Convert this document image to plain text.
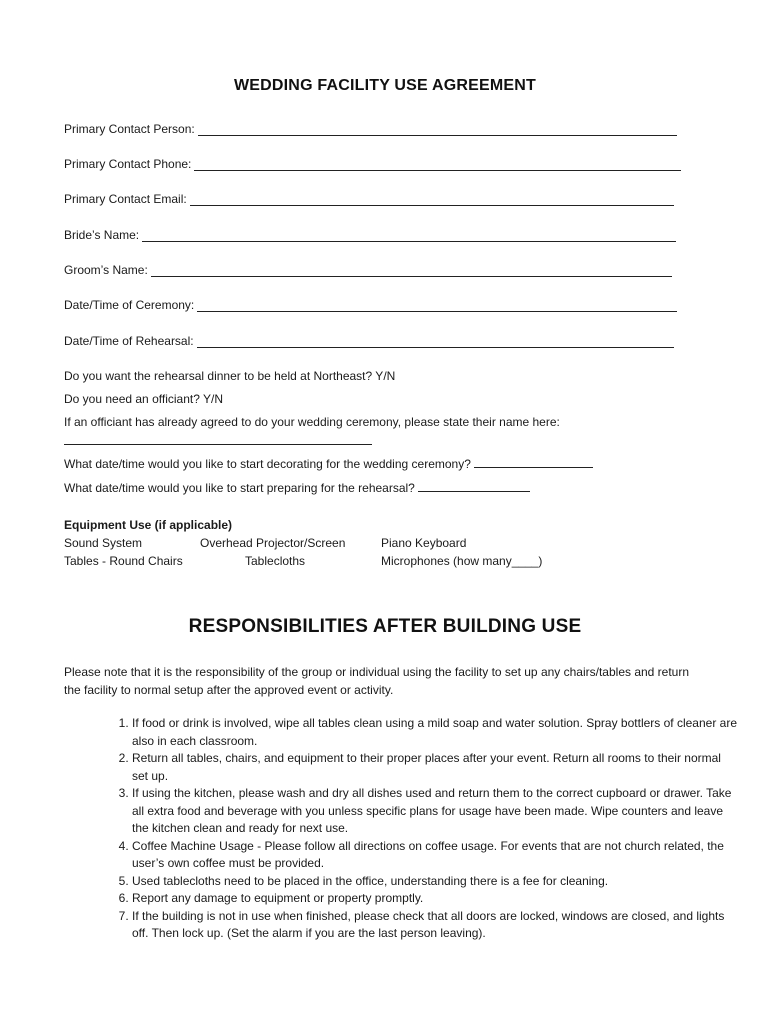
WEDDING FACILITY USE AGREEMENT
Primary Contact Person:
Primary Contact Phone:
Primary Contact Email:
Bride’s Name:
Groom’s Name:
Date/Time of Ceremony:
Date/Time of Rehearsal:
Do you want the rehearsal dinner to be held at Northeast? Y/N
Do you need an officiant? Y/N
If an officiant has already agreed to do your wedding ceremony, please state their name here:
What date/time would you like to start decorating for the wedding ceremony?
What date/time would you like to start preparing for the rehearsal?
Equipment Use (if applicable)
Sound System	Overhead Projector/Screen	Piano Keyboard
Tables - Round Chairs	Tablecloths	Microphones (how many____)
RESPONSIBILITIES AFTER BUILDING USE
Please note that it is the responsibility of the group or individual using the facility to set up any chairs/tables and return the facility to normal setup after the approved event or activity.
1. If food or drink is involved, wipe all tables clean using a mild soap and water solution. Spray bottlers of cleaner are also in each classroom.
2. Return all tables, chairs, and equipment to their proper places after your event. Return all rooms to their normal set up.
3. If using the kitchen, please wash and dry all dishes used and return them to the correct cupboard or drawer. Take all extra food and beverage with you unless specific plans for usage have been made. Wipe counters and leave the kitchen clean and ready for next use.
4. Coffee Machine Usage - Please follow all directions on coffee usage. For events that are not church related, the user’s own coffee must be provided.
5. Used tablecloths need to be placed in the office, understanding there is a fee for cleaning.
6. Report any damage to equipment or property promptly.
7. If the building is not in use when finished, please check that all doors are locked, windows are closed, and lights off. Then lock up. (Set the alarm if you are the last person leaving).
